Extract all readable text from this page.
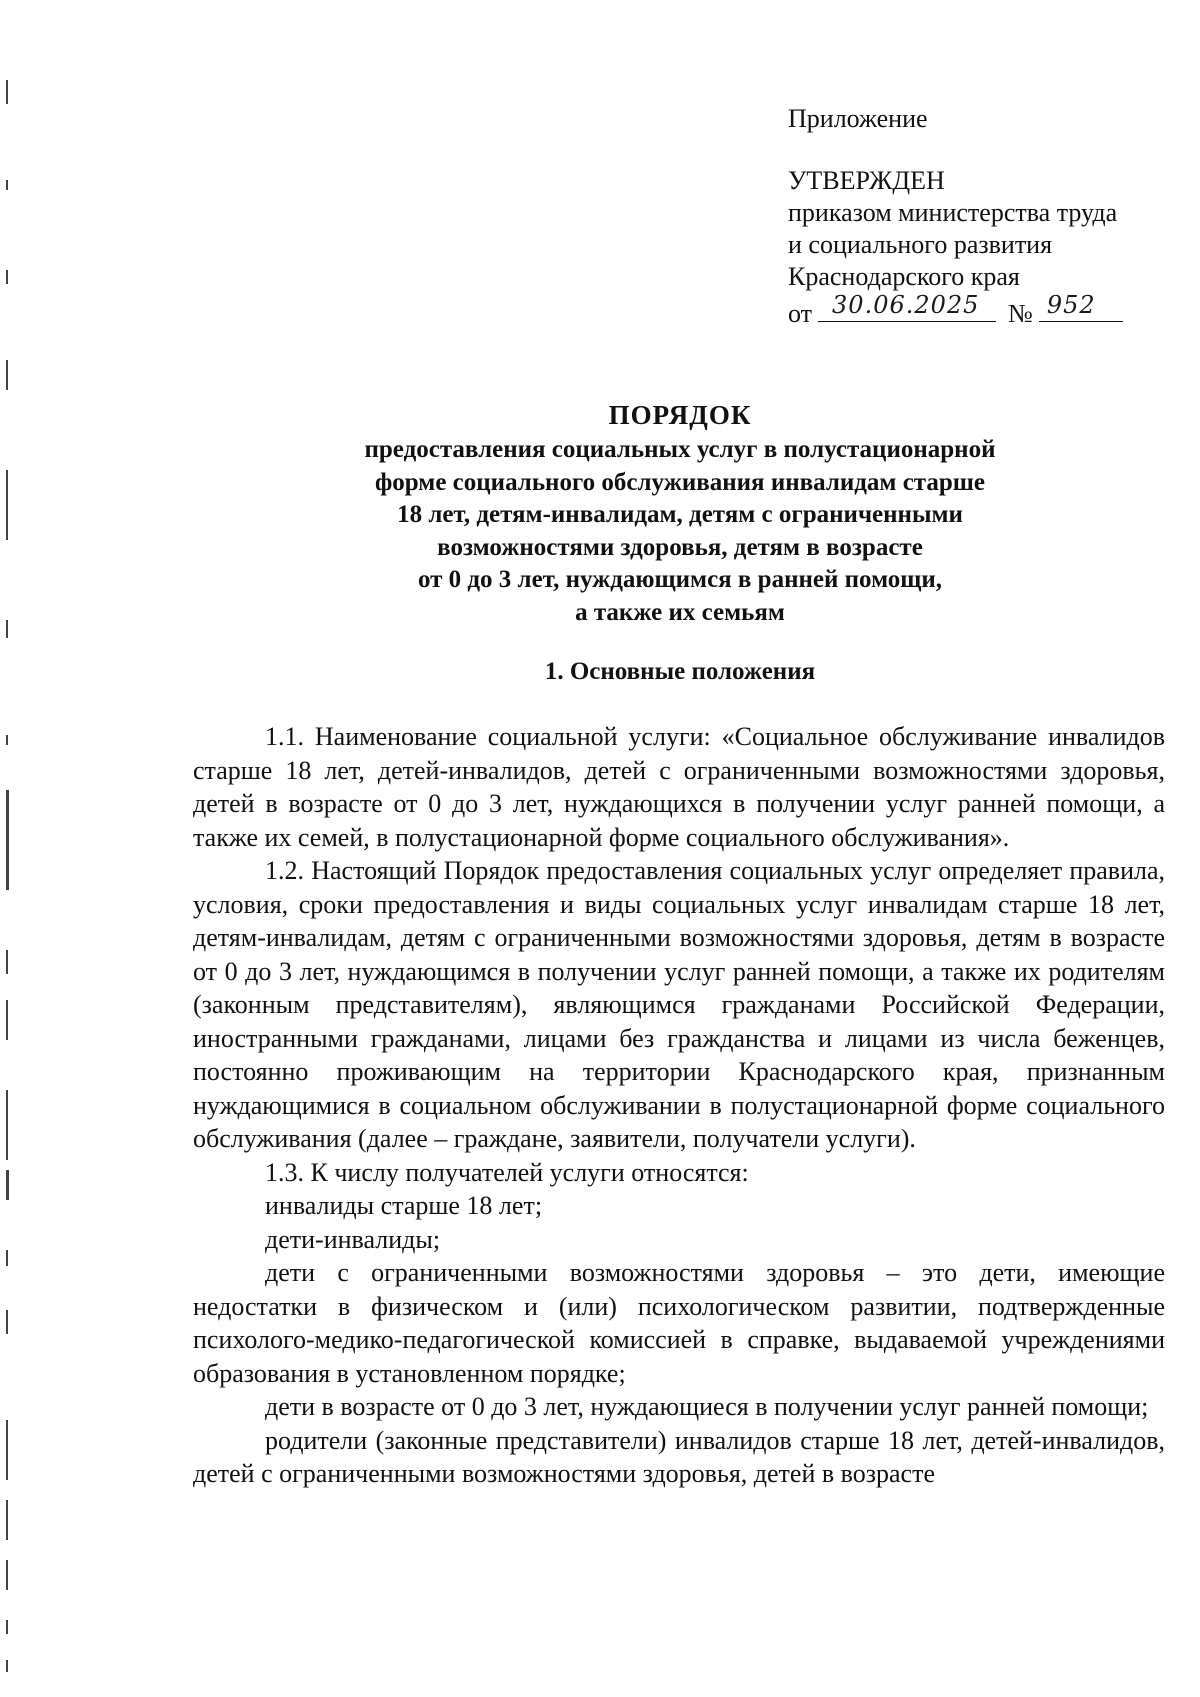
Приложение
УТВЕРЖДЕН
приказом министерства труда
и социального развития
Краснодарского края
от 30.06.2025 № 952
ПОРЯДОК
предоставления социальных услуг в полустационарной
форме социального обслуживания инвалидам старше
18 лет, детям-инвалидам, детям с ограниченными
возможностями здоровья, детям в возрасте
от 0 до 3 лет, нуждающимся в ранней помощи,
а также их семьям
1. Основные положения

1.1. Наименование социальной услуги: «Социальное обслуживание инвалидов старше 18 лет, детей-инвалидов, детей с ограниченными возможностями здоровья, детей в возрасте от 0 до 3 лет, нуждающихся в получении услуг ранней помощи, а также их семей, в полустационарной форме социального обслуживания».

1.2. Настоящий Порядок предоставления социальных услуг определяет правила, условия, сроки предоставления и виды социальных услуг инвалидам старше 18 лет, детям-инвалидам, детям с ограниченными возможностями здоровья, детям в возрасте от 0 до 3 лет, нуждающимся в получении услуг ранней помощи, а также их родителям (законным представителям), являющимся гражданами Российской Федерации, иностранными гражданами, лицами без гражданства и лицами из числа беженцев, постоянно проживающим на территории Краснодарского края, признанным нуждающимися в социальном обслуживании в полустационарной форме социального обслуживания (далее – граждане, заявители, получатели услуги).

1.3. К числу получателей услуги относятся:

инвалиды старше 18 лет;

дети-инвалиды;

дети с ограниченными возможностями здоровья – это дети, имеющие недостатки в физическом и (или) психологическом развитии, подтвержденные психолого-медико-педагогической комиссией в справке, выдаваемой учреждениями образования в установленном порядке;

дети в возрасте от 0 до 3 лет, нуждающиеся в получении услуг ранней помощи;

родители (законные представители) инвалидов старше 18 лет, детей-инвалидов, детей с ограниченными возможностями здоровья, детей в возрасте
